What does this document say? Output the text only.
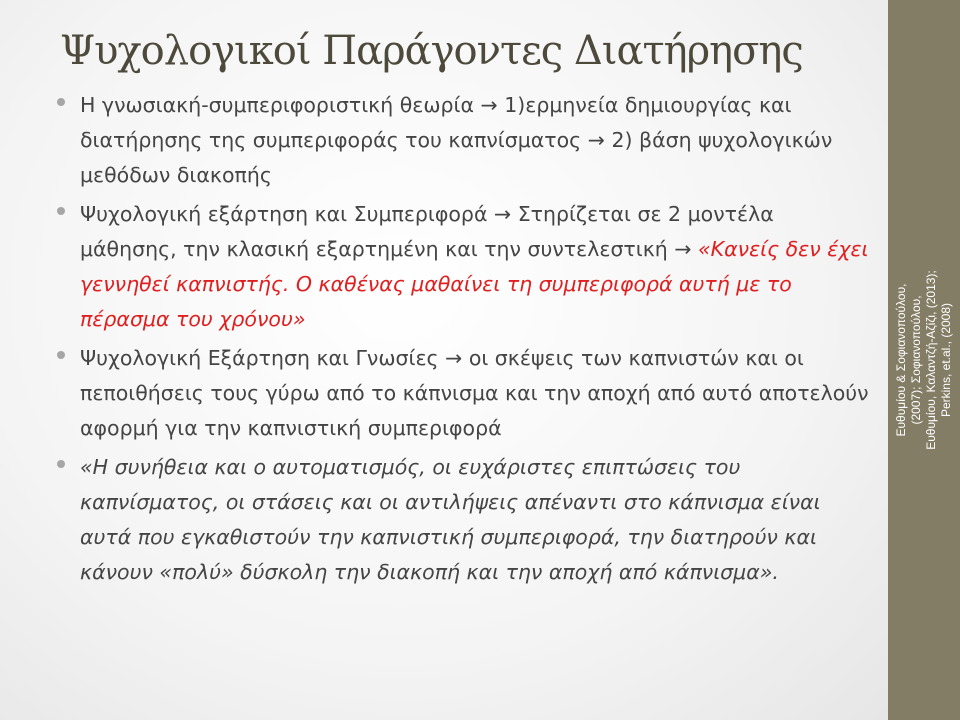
Ψυχολογικοί Παράγοντες Διατήρησης
Η γνωσιακή-συμπεριφοριστική θεωρία → 1)ερμηνεία δημιουργίας και διατήρησης της συμπεριφοράς του καπνίσματος → 2) βάση ψυχολογικών μεθόδων διακοπής
Ψυχολογική εξάρτηση και Συμπεριφορά → Στηρίζεται σε 2 μοντέλα μάθησης, την κλασική εξαρτημένη και την συντελεστική → «Κανείς δεν έχει γεννηθεί καπνιστής. Ο καθένας μαθαίνει τη συμπεριφορά αυτή με το πέρασμα του χρόνου»
Ψυχολογική Εξάρτηση και Γνωσίες → οι σκέψεις των καπνιστών και οι πεποιθήσεις τους γύρω από το κάπνισμα και την αποχή από αυτό αποτελούν αφορμή για την καπνιστική συμπεριφορά
«Η συνήθεια και ο αυτοματισμός, οι ευχάριστες επιπτώσεις του καπνίσματος, οι στάσεις και οι αντιλήψεις απέναντι στο κάπνισμα είναι αυτά που εγκαθιστούν την καπνιστική συμπεριφορά, την διατηρούν και κάνουν «πολύ» δύσκολη την διακοπή και την αποχή από κάπνισμα».
Ευθυμίου & Σοφιανοπούλου, (2007); Σοφιανοπούλου, Ευθυμίου, Καλαντζή-Αζίζι, (2013); Perkins, et.al., (2008)
